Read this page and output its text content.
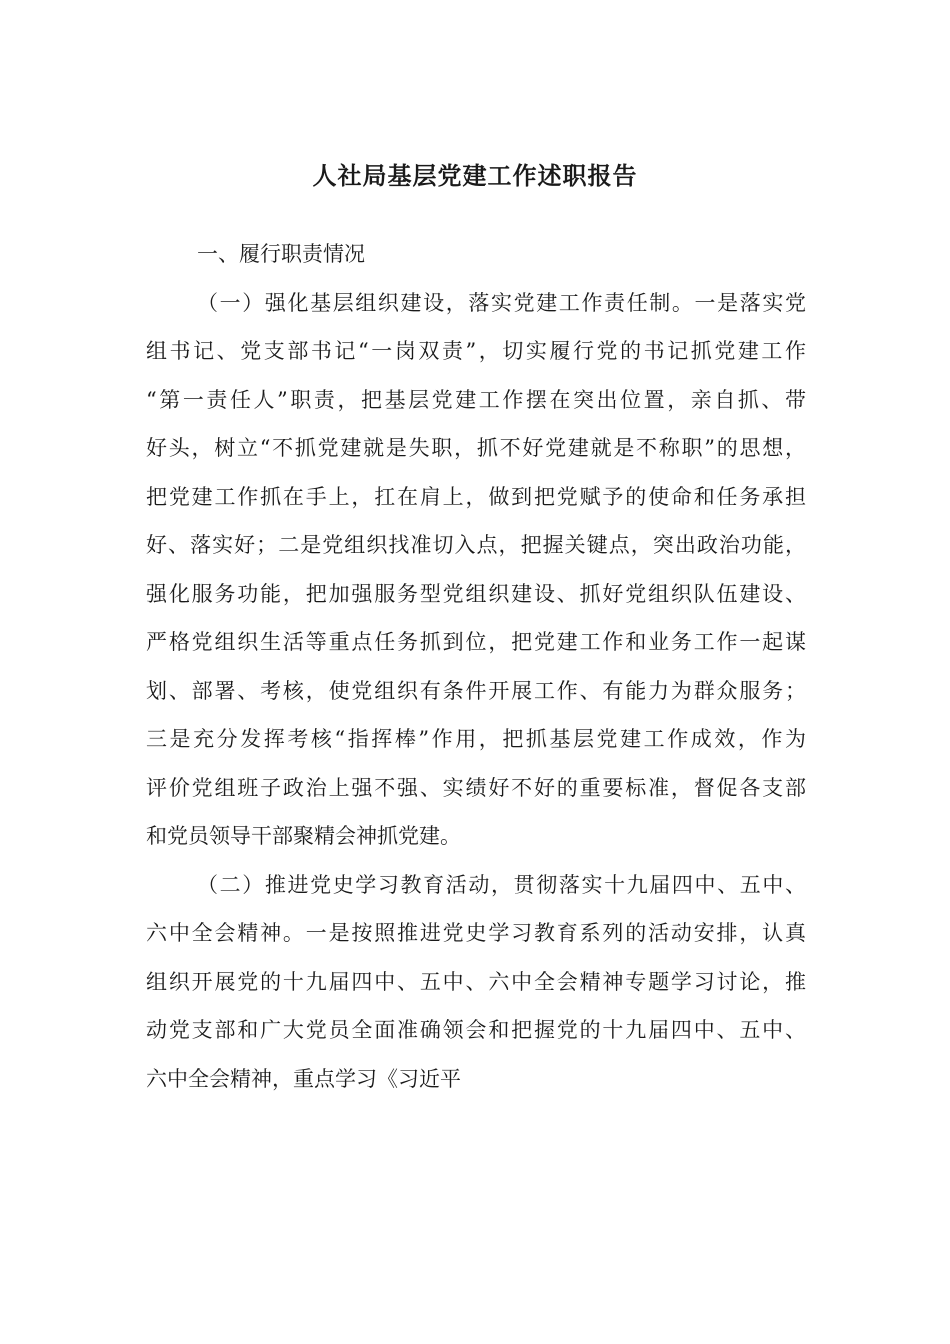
人社局基层党建工作述职报告
一、履行职责情况
（一）强化基层组织建设，落实党建工作责任制。一是落实党
组书记、党支部书记“一岗双责”，切实履行党的书记抓党建工作
“第一责任人”职责，把基层党建工作摆在突出位置，亲自抓、带
好头，树立“不抓党建就是失职，抓不好党建就是不称职”的思想，
把党建工作抓在手上，扛在肩上，做到把党赋予的使命和任务承担
好、落实好；二是党组织找准切入点，把握关键点，突出政治功能，
强化服务功能，把加强服务型党组织建设、抓好党组织队伍建设、
严格党组织生活等重点任务抓到位，把党建工作和业务工作一起谋
划、部署、考核，使党组织有条件开展工作、有能力为群众服务；
三是充分发挥考核“指挥棒”作用，把抓基层党建工作成效，作为
评价党组班子政治上强不强、实绩好不好的重要标准，督促各支部
和党员领导干部聚精会神抓党建。
（二）推进党史学习教育活动，贯彻落实十九届四中、五中、
六中全会精神。一是按照推进党史学习教育系列的活动安排，认真
组织开展党的十九届四中、五中、六中全会精神专题学习讨论，推
动党支部和广大党员全面准确领会和把握党的十九届四中、五中、
六中全会精神，重点学习《习近平
